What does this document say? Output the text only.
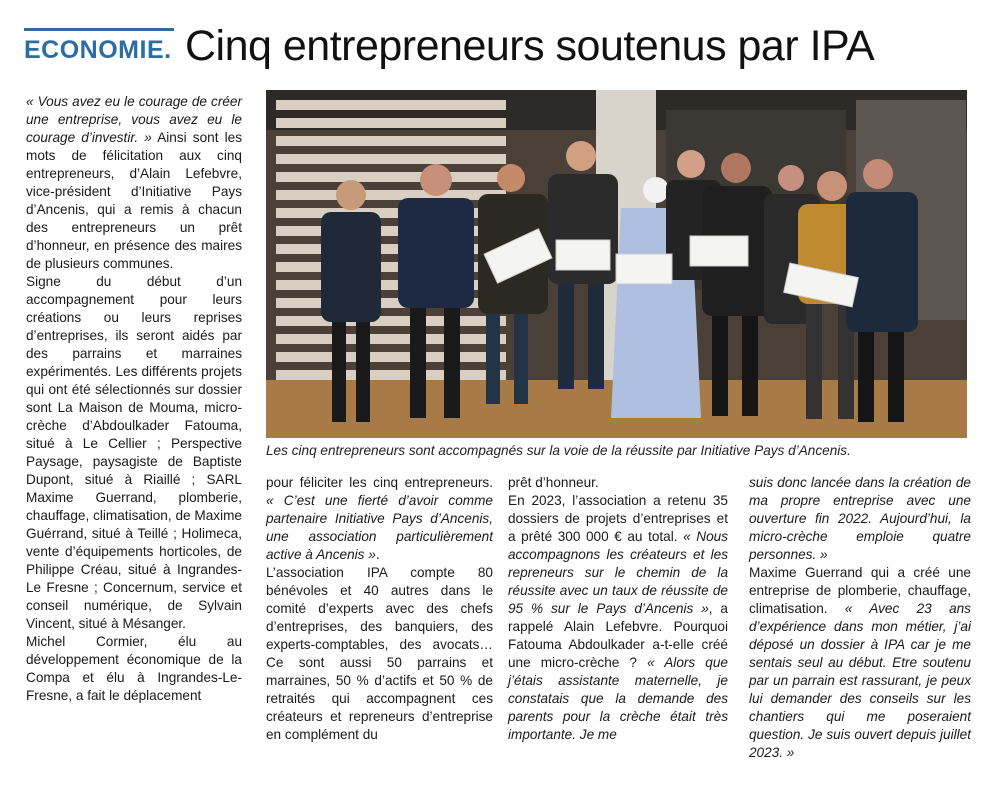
ECONOMIE. Cinq entrepreneurs soutenus par IPA

« Vous avez eu le courage de créer une entreprise, vous avez eu le courage d’investir. » Ainsi sont les mots de félicitation aux cinq entrepreneurs, d’Alain Lefebvre, vice-président d’Initiative Pays d’Ancenis, qui a remis à chacun des entrepreneurs un prêt d’honneur, en présence des maires de plusieurs communes.

Signe du début d’un accompagnement pour leurs créations ou leurs reprises d’entreprises, ils seront aidés par des parrains et marraines expérimentés. Les différents projets qui ont été sélectionnés sur dossier sont La Maison de Mouma, micro-crèche d’Abdoulkader Fatouma, situé à Le Cellier ; Perspective Paysage, paysagiste de Baptiste Dupont, situé à Riaillé ; SARL Maxime Guerrand, plomberie, chauffage, climatisation, de Maxime Guérrand, situé à Teillé ; Holimeca, vente d’équipements horticoles, de Philippe Créau, situé à Ingrandes-Le Fresne ; Concernum, service et conseil numérique, de Sylvain Vincent, situé à Mésanger.

Michel Cormier, élu au développement économique de la Compa et élu à Ingrandes-Le-Fresne, a fait le déplacement

Les cinq entrepreneurs sont accompagnés sur la voie de la réussite par Initiative Pays d’Ancenis.

pour féliciter les cinq entrepreneurs. « C’est une fierté d’avoir comme partenaire Initiative Pays d’Ancenis, une association particulièrement active à Ancenis ».

L’association IPA compte 80 bénévoles et 40 autres dans le comité d’experts avec des chefs d’entreprises, des banquiers, des experts-comptables, des avocats… Ce sont aussi 50 parrains et marraines, 50 % d’actifs et 50 % de retraités qui accompagnent ces créateurs et repreneurs d’entreprise en complément du

prêt d’honneur.

En 2023, l’association a retenu 35 dossiers de projets d’entreprises et a prêté 300 000 € au total. « Nous accompagnons les créateurs et les repreneurs sur le chemin de la réussite avec un taux de réussite de 95 % sur le Pays d’Ancenis », a rappelé Alain Lefebvre. Pourquoi Fatouma Abdoulkader a-t-elle créé une micro-crèche ? « Alors que j’étais assistante maternelle, je constatais que la demande des parents pour la crèche était très importante. Je me

suis donc lancée dans la création de ma propre entreprise avec une ouverture fin 2022. Aujourd’hui, la micro-crèche emploie quatre personnes. »

Maxime Guerrand qui a créé une entreprise de plomberie, chauffage, climatisation. « Avec 23 ans d’expérience dans mon métier, j’ai déposé un dossier à IPA car je me sentais seul au début. Etre soutenu par un parrain est rassurant, je peux lui demander des conseils sur les chantiers qui me poseraient question. Je suis ouvert depuis juillet 2023. »
